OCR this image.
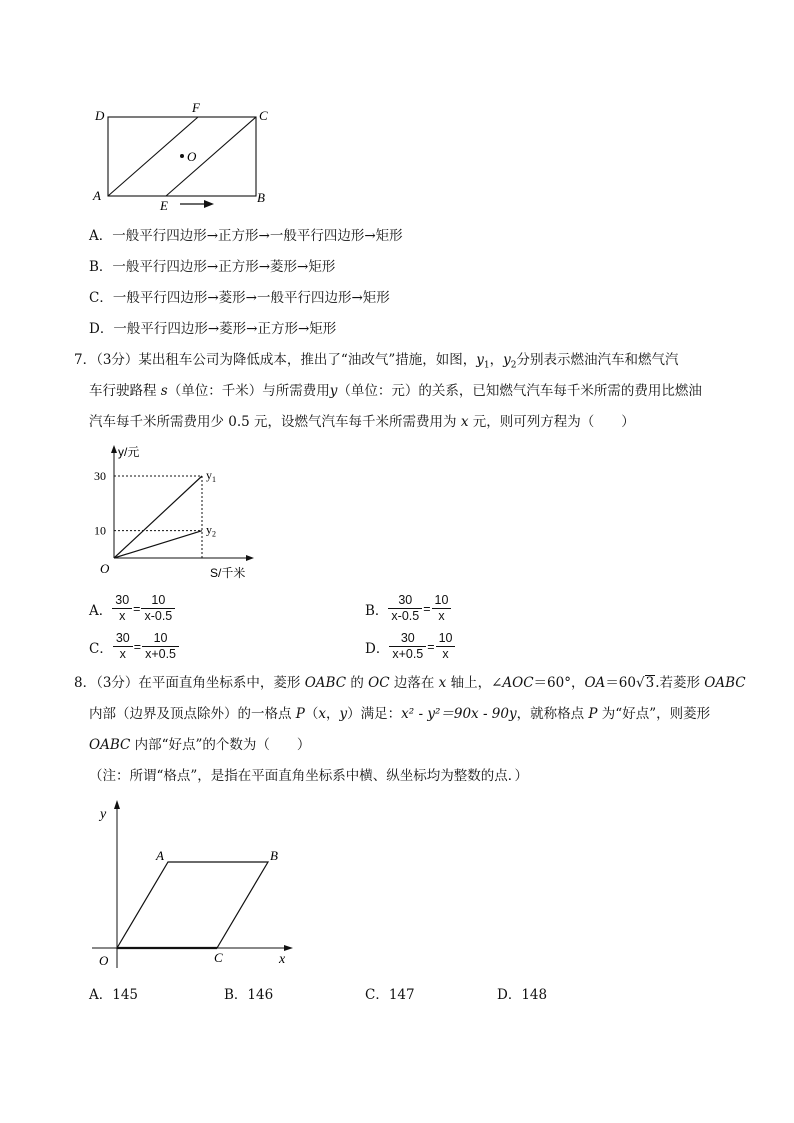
D
F
C
O
A
E
B
A．一般平行四边形→正方形→一般平行四边形→矩形
B．一般平行四边形→正方形→菱形→矩形
C．一般平行四边形→菱形→一般平行四边形→矩形
D．一般平行四边形→菱形→正方形→矩形
7．（3分）某出租车公司为降低成本，推出了“油改气”措施，如图，$y_1$，$y_2$分别表示燃油汽车和燃气汽
车行驶路程 s（单位：千米）与所需费用y（单位：元）的关系，已知燃气汽车每千米所需的费用比燃油
汽车每千米所需费用少 0.5 元，设燃气汽车每千米所需费用为 x 元，则可列方程为（　　）
y/元
S/千米
O
30
10
$y_1$
$y_2$
A． $\frac{30}{x} = \frac{10}{x-0.5}$	B． $\frac{30}{x-0.5} = \frac{10}{x}$
C． $\frac{30}{x} = \frac{10}{x+0.5}$	D． $\frac{30}{x+0.5} = \frac{10}{x}$
8．（3分）在平面直角坐标系中，菱形 OABC 的 OC 边落在 x 轴上，∠AOC＝60°，OA＝60√3.若菱形 OABC
内部（边界及顶点除外）的一格点 P（x，y）满足：x² - y²＝90x - 90y，就称格点 P 为“好点”，则菱形
OABC 内部“好点”的个数为（　　）
（注：所谓“格点”，是指在平面直角坐标系中横、纵坐标均为整数的点．）
y
A	B
O	C	x
A．145	B．146	C．147	D．148
